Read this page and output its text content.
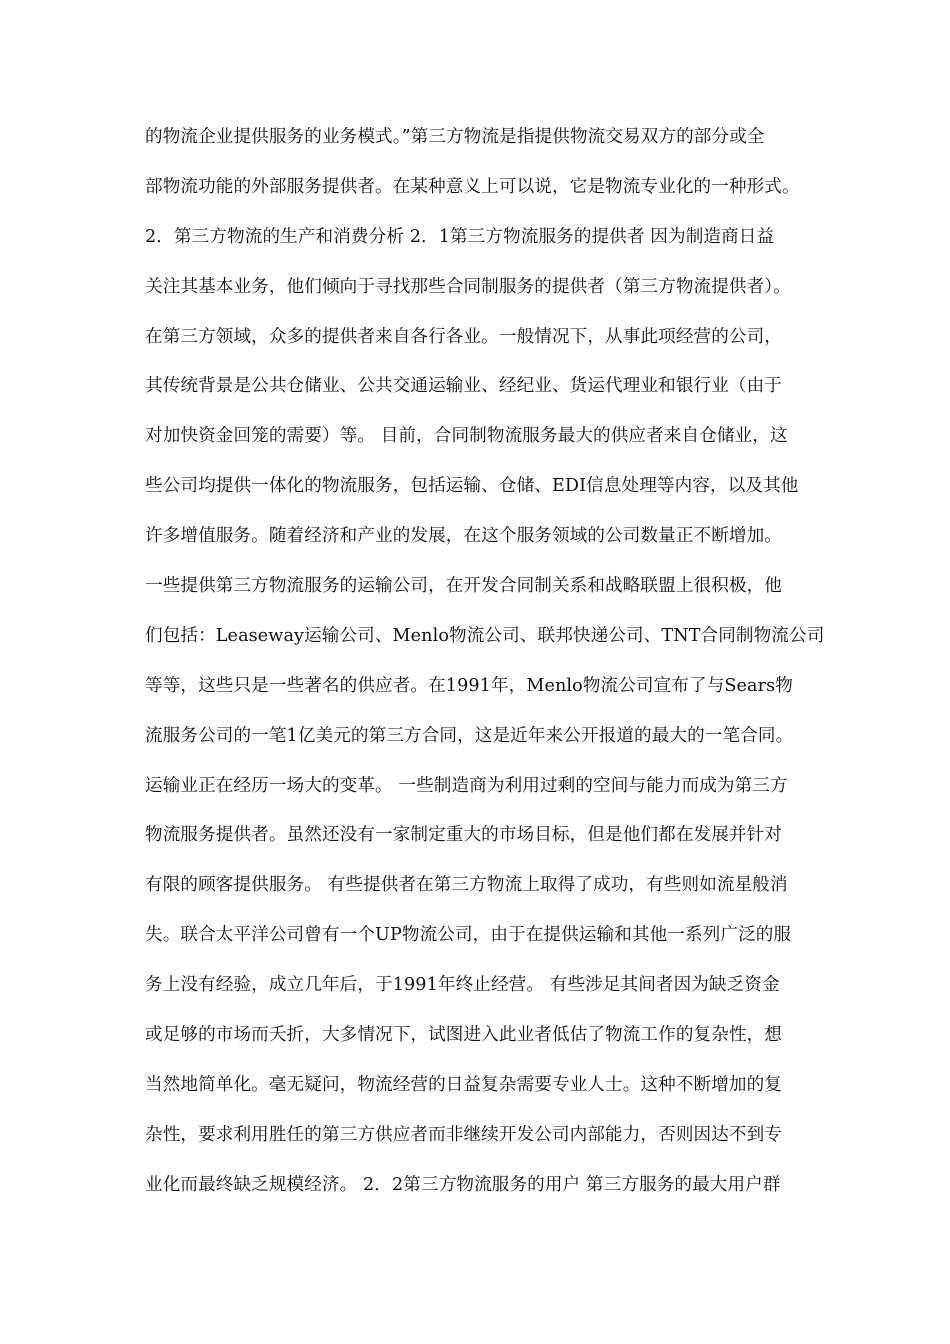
的物流企业提供服务的业务模式。”第三方物流是指提供物流交易双方的部分或全
部物流功能的外部服务提供者。在某种意义上可以说，它是物流专业化的一种形式。
2．第三方物流的生产和消费分析 2．1第三方物流服务的提供者 因为制造商日益
关注其基本业务，他们倾向于寻找那些合同制服务的提供者（第三方物流提供者）。
在第三方领域，众多的提供者来自各行各业。一般情况下，从事此项经营的公司，
其传统背景是公共仓储业、公共交通运输业、经纪业、货运代理业和银行业（由于
对加快资金回笼的需要）等。 目前，合同制物流服务最大的供应者来自仓储业，这
些公司均提供一体化的物流服务，包括运输、仓储、EDI信息处理等内容，以及其他
许多增值服务。随着经济和产业的发展，在这个服务领域的公司数量正不断增加。
一些提供第三方物流服务的运输公司，在开发合同制关系和战略联盟上很积极，他
们包括：Leaseway运输公司、Menlo物流公司、联邦快递公司、TNT合同制物流公司
等等，这些只是一些著名的供应者。在1991年，Menlo物流公司宣布了与Sears物
流服务公司的一笔1亿美元的第三方合同，这是近年来公开报道的最大的一笔合同。
运输业正在经历一场大的变革。 一些制造商为利用过剩的空间与能力而成为第三方
物流服务提供者。虽然还没有一家制定重大的市场目标，但是他们都在发展并针对
有限的顾客提供服务。 有些提供者在第三方物流上取得了成功，有些则如流星般消
失。联合太平洋公司曾有一个UP物流公司，由于在提供运输和其他一系列广泛的服
务上没有经验，成立几年后，于1991年终止经营。 有些涉足其间者因为缺乏资金
或足够的市场而夭折，大多情况下，试图进入此业者低估了物流工作的复杂性，想
当然地简单化。毫无疑问，物流经营的日益复杂需要专业人士。这种不断增加的复
杂性，要求利用胜任的第三方供应者而非继续开发公司内部能力，否则因达不到专
业化而最终缺乏规模经济。 2．2第三方物流服务的用户 第三方服务的最大用户群
